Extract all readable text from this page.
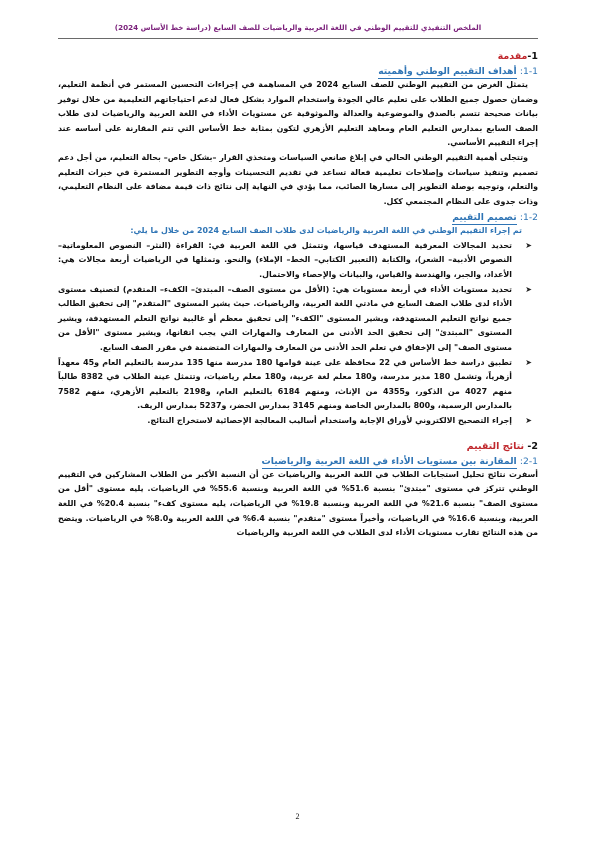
الملخص التنفيذي للتقييم الوطني في اللغة العربية والرياضيات للصف السابع (دراسة خط الأساس 2024)
1-مقدمة
1-1: أهداف التقييم الوطني وأهميته

يتمثل الغرض من التقييم الوطني للصف السابع 2024 في المساهمة في إجراءات التحسين المستمر في أنظمة التعليم، وضمان حصول جميع الطلاب على تعليم عالي الجودة واستخدام الموارد بشكل فعال لدعم احتياجاتهم التعليمية من خلال توفير بيانات صحيحة تتسم بالصدق والموضوعية والعدالة والموثوقية عن مستويات الأداء في اللغة العربية والرياضيات لدى طلاب الصف السابع بمدارس التعليم العام ومعاهد التعليم الأزهري لتكون بمثابة خط الأساس التي تتم المقارنة على أساسه عند إجراء التقييم الأساسي.

وتتجلى أهمية التقييم الوطني الحالي في إبلاغ صانعي السياسات ومتخذي القرار –بشكل خاص– بحالة التعليم، من أجل دعم تصميم وتنفيذ سياسات وإصلاحات تعليمية فعالة تساعد في تقديم التحسينات وأوجه التطوير المستمرة في خبرات التعليم والتعلم، وتوجيه بوصلة التطوير إلى مسارها الصائب، مما يؤدي في النهاية إلى نتائج ذات قيمة مضافة على النظام التعليمي، وذات جدوى على النظام المجتمعي ككل.

1-2: تصميم التقييم

تم إجراء التقييم الوطني في اللغة العربية والرياضيات لدى طلاب الصف السابع 2024 من خلال ما يلي:

➤
تحديد المجالات المعرفية المستهدف قياسها، وتتمثل في اللغة العربية في: القراءة (النثر– النصوص المعلوماتية– النصوص الأدبية– الشعر)، والكتابة (التعبير الكتابي– الخط– الإملاء) والنحو. وتمثلها في الرياضيات أربعة مجالات هي: الأعداد، والجبر، والهندسة والقياس، والبيانات والإحصاء والاحتمال.
➤
تحديد مستويات الأداء في أربعة مستويات هي: (الأقل من مستوى الصف– المبتدئ– الكفء– المتقدم) لتصنيف مستوى الأداء لدى طلاب الصف السابع في مادتي اللغة العربية، والرياضيات. حيث يشير المستوى "المتقدم" إلى تحقيق الطالب جميع نواتج التعليم المستهدفة، ويشير المستوى "الكفء" إلى تحقيق معظم أو غالبية نواتج التعلم المستهدفة، ويشير المستوى "المبتدئ" إلى تحقيق الحد الأدنى من المعارف والمهارات التي يجب اتقانها، ويشير مستوى "الأقل من مستوى الصف" إلى الإخفاق في تعلم الحد الأدنى من المعارف والمهارات المتضمنة في مقرر الصف السابع.
➤
تطبيق دراسة خط الأساس في 22 محافظة على عينة قوامها 180 مدرسة منها 135 مدرسة بالتعليم العام و45 معهداً أزهرياً، وتشمل 180 مدير مدرسة، و180 معلم لغة عربية، و180 معلم رياضيات، وتتمثل عينة الطلاب في 8382 طالباً منهم 4027 من الذكور، و4355 من الإناث، ومنهم 6184 بالتعليم العام، و2198 بالتعليم الأزهري، منهم 7582 بالمدارس الرسمية، و800 بالمدارس الخاصة ومنهم 3145 بمدارس الحضر، و5237 بمدارس الريف.
➤
إجراء التصحيح الالكتروني لأوراق الإجابة واستخدام أساليب المعالجة الإحصائية لاستخراج النتائج.
2- نتائج التقييم
2-1: المقارنة بين مستويات الأداء في اللغة العربية والرياضيات

أسفرت نتائج تحليل استجابات الطلاب في اللغة العربية والرياضيات عن أن النسبة الأكبر من الطلاب المشاركين في التقييم الوطني تتركز في مستوى "مبتدئ" بنسبة 51.6% في اللغة العربية وبنسبة 55.6% في الرياضيات. يليه مستوى "أقل من مستوى الصف" بنسبة 21.6% في اللغة العربية وبنسبة 19.8% في الرياضيات، يليه مستوى كفء" بنسبة 20.4% في اللغة العربية، وبنسبة 16.6% في الرياضيات، وأخيراً مستوى "متقدم" بنسبة 6.4% في اللغة العربية و8.0% في الرياضيات. ويتضح من هذه النتائج تقارب مستويات الأداء لدى الطلاب في اللغة العربية والرياضيات

2
